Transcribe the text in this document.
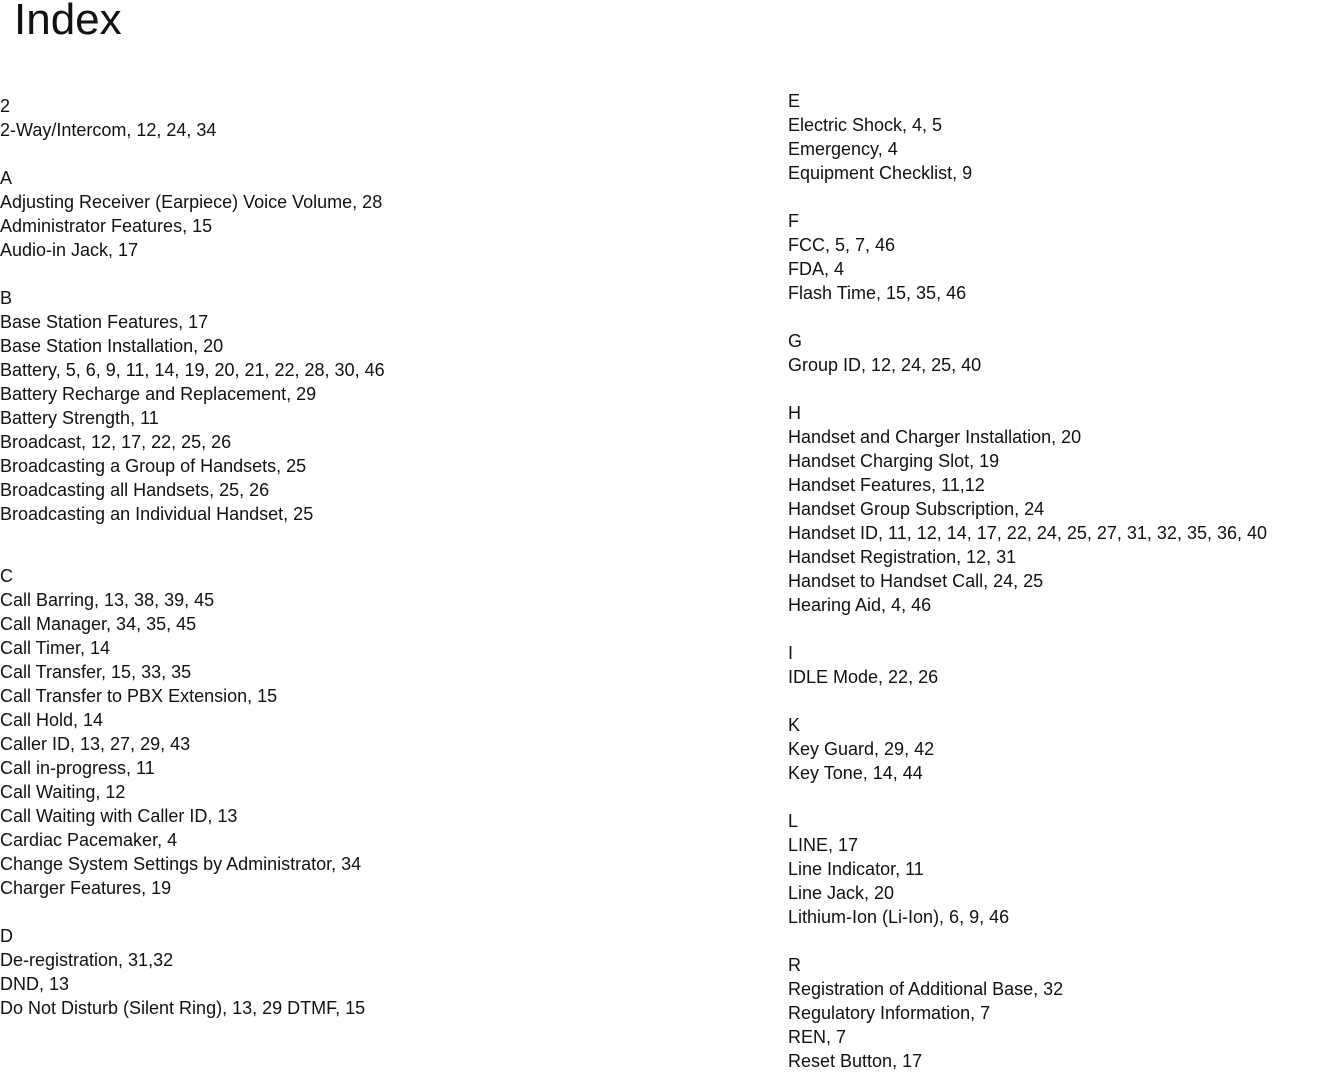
Index
2
2-Way/Intercom, 12, 24, 34
A
Adjusting Receiver (Earpiece) Voice Volume, 28
Administrator Features, 15
Audio-in Jack, 17
B
Base Station Features, 17
Base Station Installation, 20
Battery, 5, 6, 9, 11, 14, 19, 20, 21, 22, 28, 30, 46
Battery Recharge and Replacement, 29
Battery Strength, 11
Broadcast, 12, 17, 22, 25, 26
Broadcasting a Group of Handsets, 25
Broadcasting all Handsets, 25, 26
Broadcasting an Individual Handset, 25
C
Call Barring, 13, 38, 39, 45
Call Manager, 34, 35, 45
Call Timer, 14
Call Transfer, 15, 33, 35
Call Transfer to PBX Extension, 15
Call Hold, 14
Caller ID, 13, 27, 29, 43
Call in-progress, 11
Call Waiting, 12
Call Waiting with Caller ID, 13
Cardiac Pacemaker, 4
Change System Settings by Administrator, 34
Charger Features, 19
D
De-registration, 31,32
DND, 13
Do Not Disturb (Silent Ring), 13, 29 DTMF, 15
E
Electric Shock, 4, 5
Emergency, 4
Equipment Checklist, 9
F
FCC, 5, 7, 46
FDA, 4
Flash Time, 15, 35, 46
G
Group ID, 12, 24, 25, 40
H
Handset and Charger Installation, 20
Handset Charging Slot, 19
Handset Features, 11,12
Handset Group Subscription, 24
Handset ID, 11, 12, 14, 17, 22, 24, 25, 27, 31, 32, 35, 36, 40
Handset Registration, 12, 31
Handset to Handset Call, 24, 25
Hearing Aid, 4, 46
I
IDLE Mode, 22, 26
K
Key Guard, 29, 42
Key Tone, 14, 44
L
LINE, 17
Line Indicator, 11
Line Jack, 20
Lithium-Ion (Li-Ion), 6, 9, 46
R
Registration of Additional Base, 32
Regulatory Information, 7
REN, 7
Reset Button, 17
